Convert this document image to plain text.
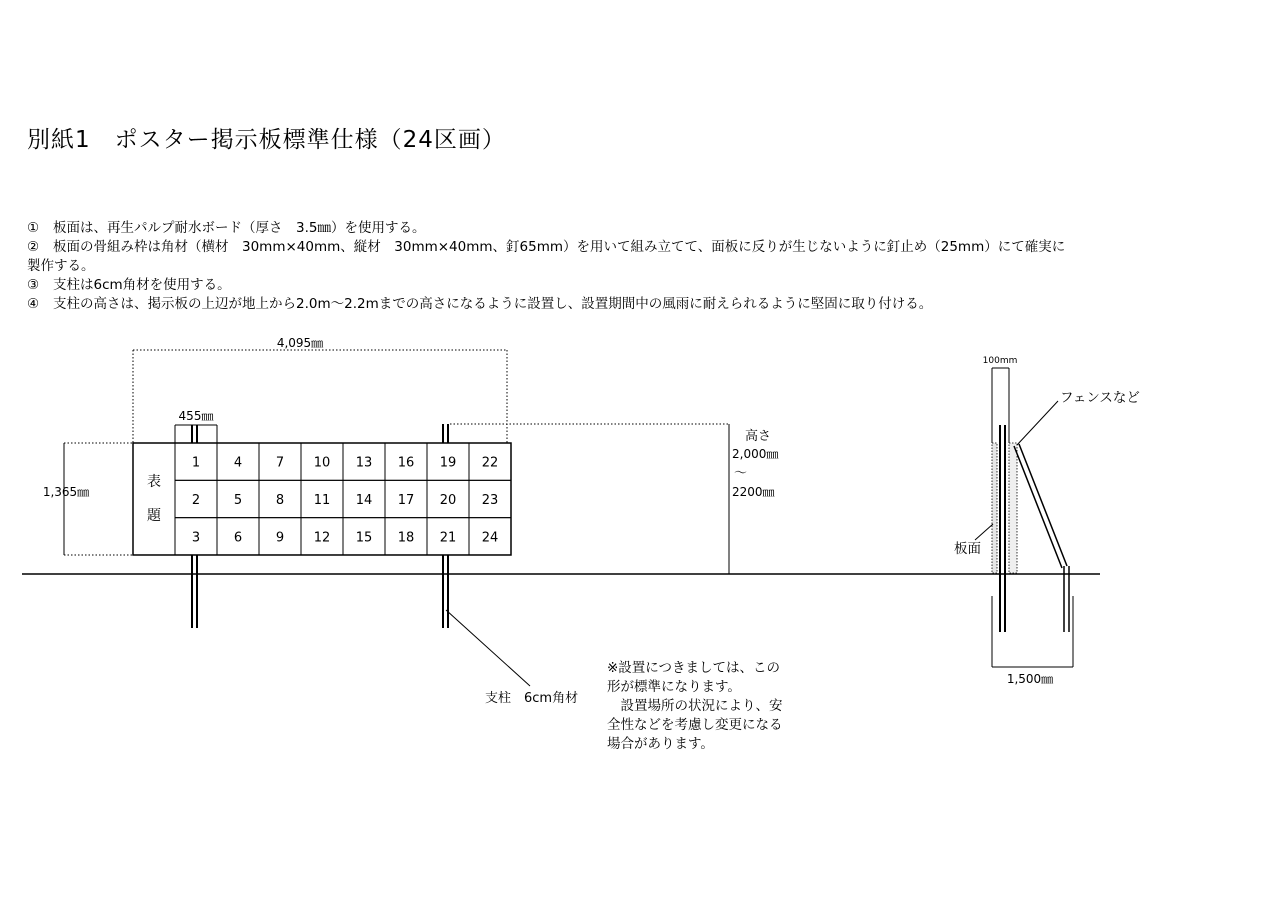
別紙1　ポスター掲示板標準仕様（24区画）
①	板面は、再生パルプ耐水ボード（厚さ　3.5㎜）を使用する。
②	板面の骨組み枠は角材（横材　30mm×40mm、縦材　30mm×40mm、釘65mm）を用いて組み立てて、面板に反りが生じないように釘止め（25mm）にて確実に
製作する。
③	支柱は6cm角材を使用する。
④	支柱の高さは、掲示板の上辺が地上から2.0m〜2.2mまでの高さになるように設置し、設置期間中の風雨に耐えられるように堅固に取り付ける。
4,095㎜
455㎜
1,365㎜
高さ
2,000㎜
〜
2200㎜
表
題
1	4	7 10 13 16 19 22
2	5	8 11 14 17 20 23
3	6	9 12 15 18 21 24
支柱　6cm角材
※設置につきましては、この
形が標準になります。
　設置場所の状況により、安
全性などを考慮し変更になる
場合があります。
100mm
フェンスなど
板面
1,500㎜
